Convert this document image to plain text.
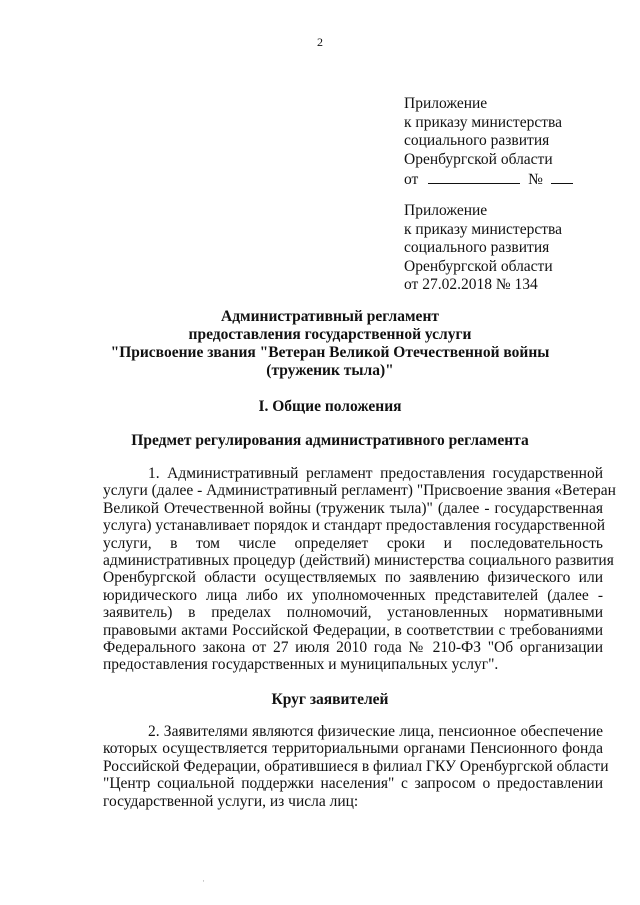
2
Приложение
к приказу министерства
социального развития
Оренбургской области
от	№
Приложение
к приказу министерства
социального развития
Оренбургской области
от 27.02.2018 № 134
Административный регламент
предоставления государственной услуги
"Присвоение звания "Ветеран Великой Отечественной войны
(труженик тыла)"
I. Общие положения
Предмет регулирования административного регламента
1. Административный регламент предоставления государственной
услуги (далее - Административный регламент) "Присвоение звания «Ветеран
Великой Отечественной войны (труженик тыла)" (далее - государственная
услуга) устанавливает порядок и стандарт предоставления государственной
услуги, в том числе определяет сроки и последовательность
административных процедур (действий) министерства социального развития
Оренбургской области осуществляемых по заявлению физического или
юридического лица либо их уполномоченных представителей (далее -
заявитель) в пределах полномочий, установленных нормативными
правовыми актами Российской Федерации, в соответствии с требованиями
Федерального закона от 27 июля 2010 года № 210-ФЗ "Об организации
предоставления государственных и муниципальных услуг".
Круг заявителей
2. Заявителями являются физические лица, пенсионное обеспечение
которых осуществляется территориальными органами Пенсионного фонда
Российской Федерации, обратившиеся в филиал ГКУ Оренбургской области
"Центр социальной поддержки населения" с запросом о предоставлении
государственной услуги, из числа лиц:
·
